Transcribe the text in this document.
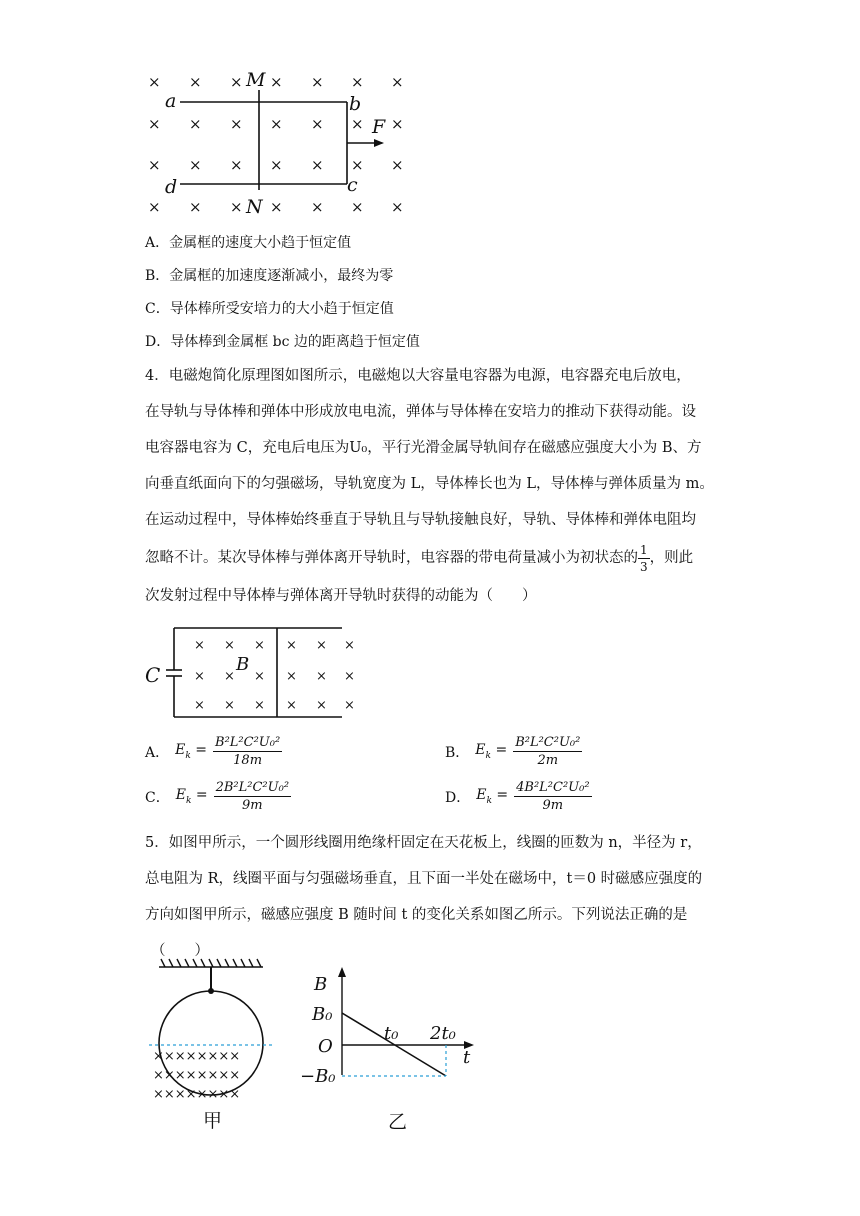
× × × × × × ×
× × × × × × ×
× × × × × × ×
× × × × × × ×
a	b
c
d
M
N
F
A．金属框的速度大小趋于恒定值
B．金属框的加速度逐渐减小，最终为零
C．导体棒所受安培力的大小趋于恒定值
D．导体棒到金属框 bc 边的距离趋于恒定值
4．电磁炮简化原理图如图所示，电磁炮以大容量电容器为电源，电容器充电后放电，
在导轨与导体棒和弹体中形成放电电流，弹体与导体棒在安培力的推动下获得动能。设
电容器电容为 C，充电后电压为U₀，平行光滑金属导轨间存在磁感应强度大小为 B、方
向垂直纸面向下的匀强磁场，导轨宽度为 L，导体棒长也为 L，导体棒与弹体质量为 m。
在运动过程中，导体棒始终垂直于导轨且与导轨接触良好，导轨、导体棒和弹体电阻均
忽略不计。某次导体棒与弹体离开导轨时，电容器的带电荷量减小为初状态的 $\frac{1}{3}$ ，则此
次发射过程中导体棒与弹体离开导轨时获得的动能为（　　）
× × × × × ×
× × × × × ×
× × × × × ×
C	B
A． $E_k = \frac{\text{B²L²C²U₀²}}{18m}$	B． $E_k = \frac{\text{B²L²C²U₀²}}{2m}$
C． $E_k = \frac{\text{2B²L²C²U₀²}}{9m}$	D． $E_k = \frac{\text{4B²L²C²U₀²}}{9m}$
5．如图甲所示，一个圆形线圈用绝缘杆固定在天花板上，线圈的匝数为 n，半径为 r，
总电阻为 R，线圈平面与匀强磁场垂直，且下面一半处在磁场中，t＝0 时磁感应强度的
方向如图甲所示，磁感应强度 B 随时间 t 的变化关系如图乙所示。下列说法正确的是
（　　）
××××××××
××××××××
××××××××
甲
B
B₀
O
−B₀
t₀ 2t₀
t
乙
